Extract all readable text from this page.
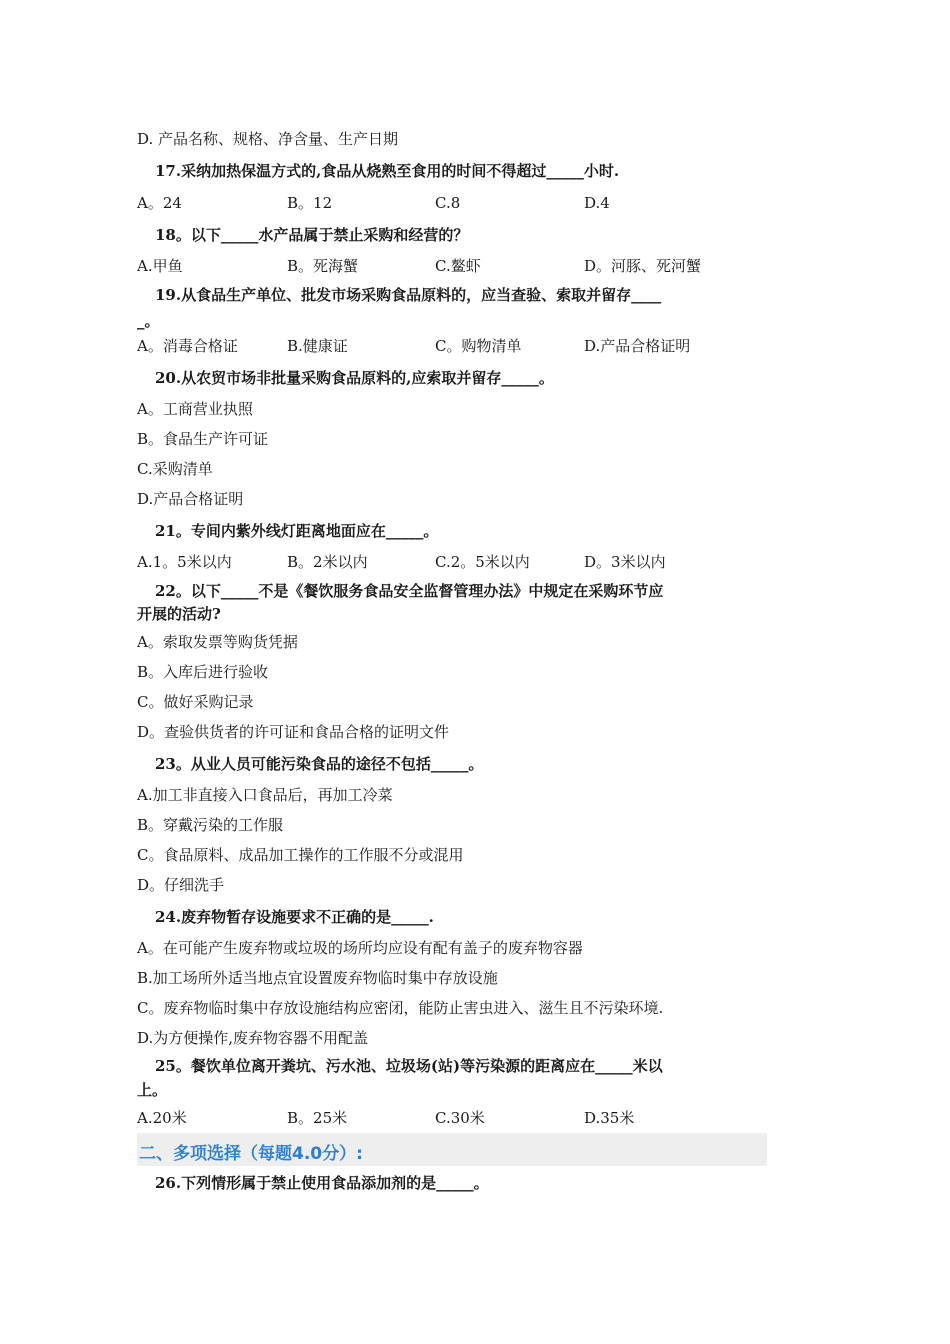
D. 产品名称、规格、净含量、生产日期
17.采纳加热保温方式的,食品从烧熟至食用的时间不得超过_____小时.
A。24	B。12	C.8	D.4
18。以下_____水产品属于禁止采购和经营的？
A.甲鱼	B。死海蟹	C.鳌虾	D。河豚、死河蟹
19.从食品生产单位、批发市场采购食品原料的，应当查验、索取并留存____
_。
A。消毒合格证	B.健康证	C。购物清单	D.产品合格证明
20.从农贸市场非批量采购食品原料的,应索取并留存_____。
A。工商营业执照
B。食品生产许可证
C.采购清单
D.产品合格证明
21。专间内紫外线灯距离地面应在_____。
A.1。5米以内	B。2米以内	C.2。5米以内	D。3米以内
22。以下_____不是《餐饮服务食品安全监督管理办法》中规定在采购环节应
开展的活动?
A。索取发票等购货凭据
B。入库后进行验收
C。做好采购记录
D。查验供货者的许可证和食品合格的证明文件
23。从业人员可能污染食品的途径不包括_____。
A.加工非直接入口食品后，再加工冷菜
B。穿戴污染的工作服
C。食品原料、成品加工操作的工作服不分或混用
D。仔细洗手
24.废弃物暂存设施要求不正确的是_____.
A。在可能产生废弃物或垃圾的场所均应设有配有盖子的废弃物容器
B.加工场所外适当地点宜设置废弃物临时集中存放设施
C。废弃物临时集中存放设施结构应密闭，能防止害虫进入、滋生且不污染环境.
D.为方便操作,废弃物容器不用配盖
25。餐饮单位离开粪坑、污水池、垃圾场(站)等污染源的距离应在_____米以
上。
A.20米	B。25米	C.30米	D.35米
二、多项选择（每题4.0分）:
26.下列情形属于禁止使用食品添加剂的是_____。
